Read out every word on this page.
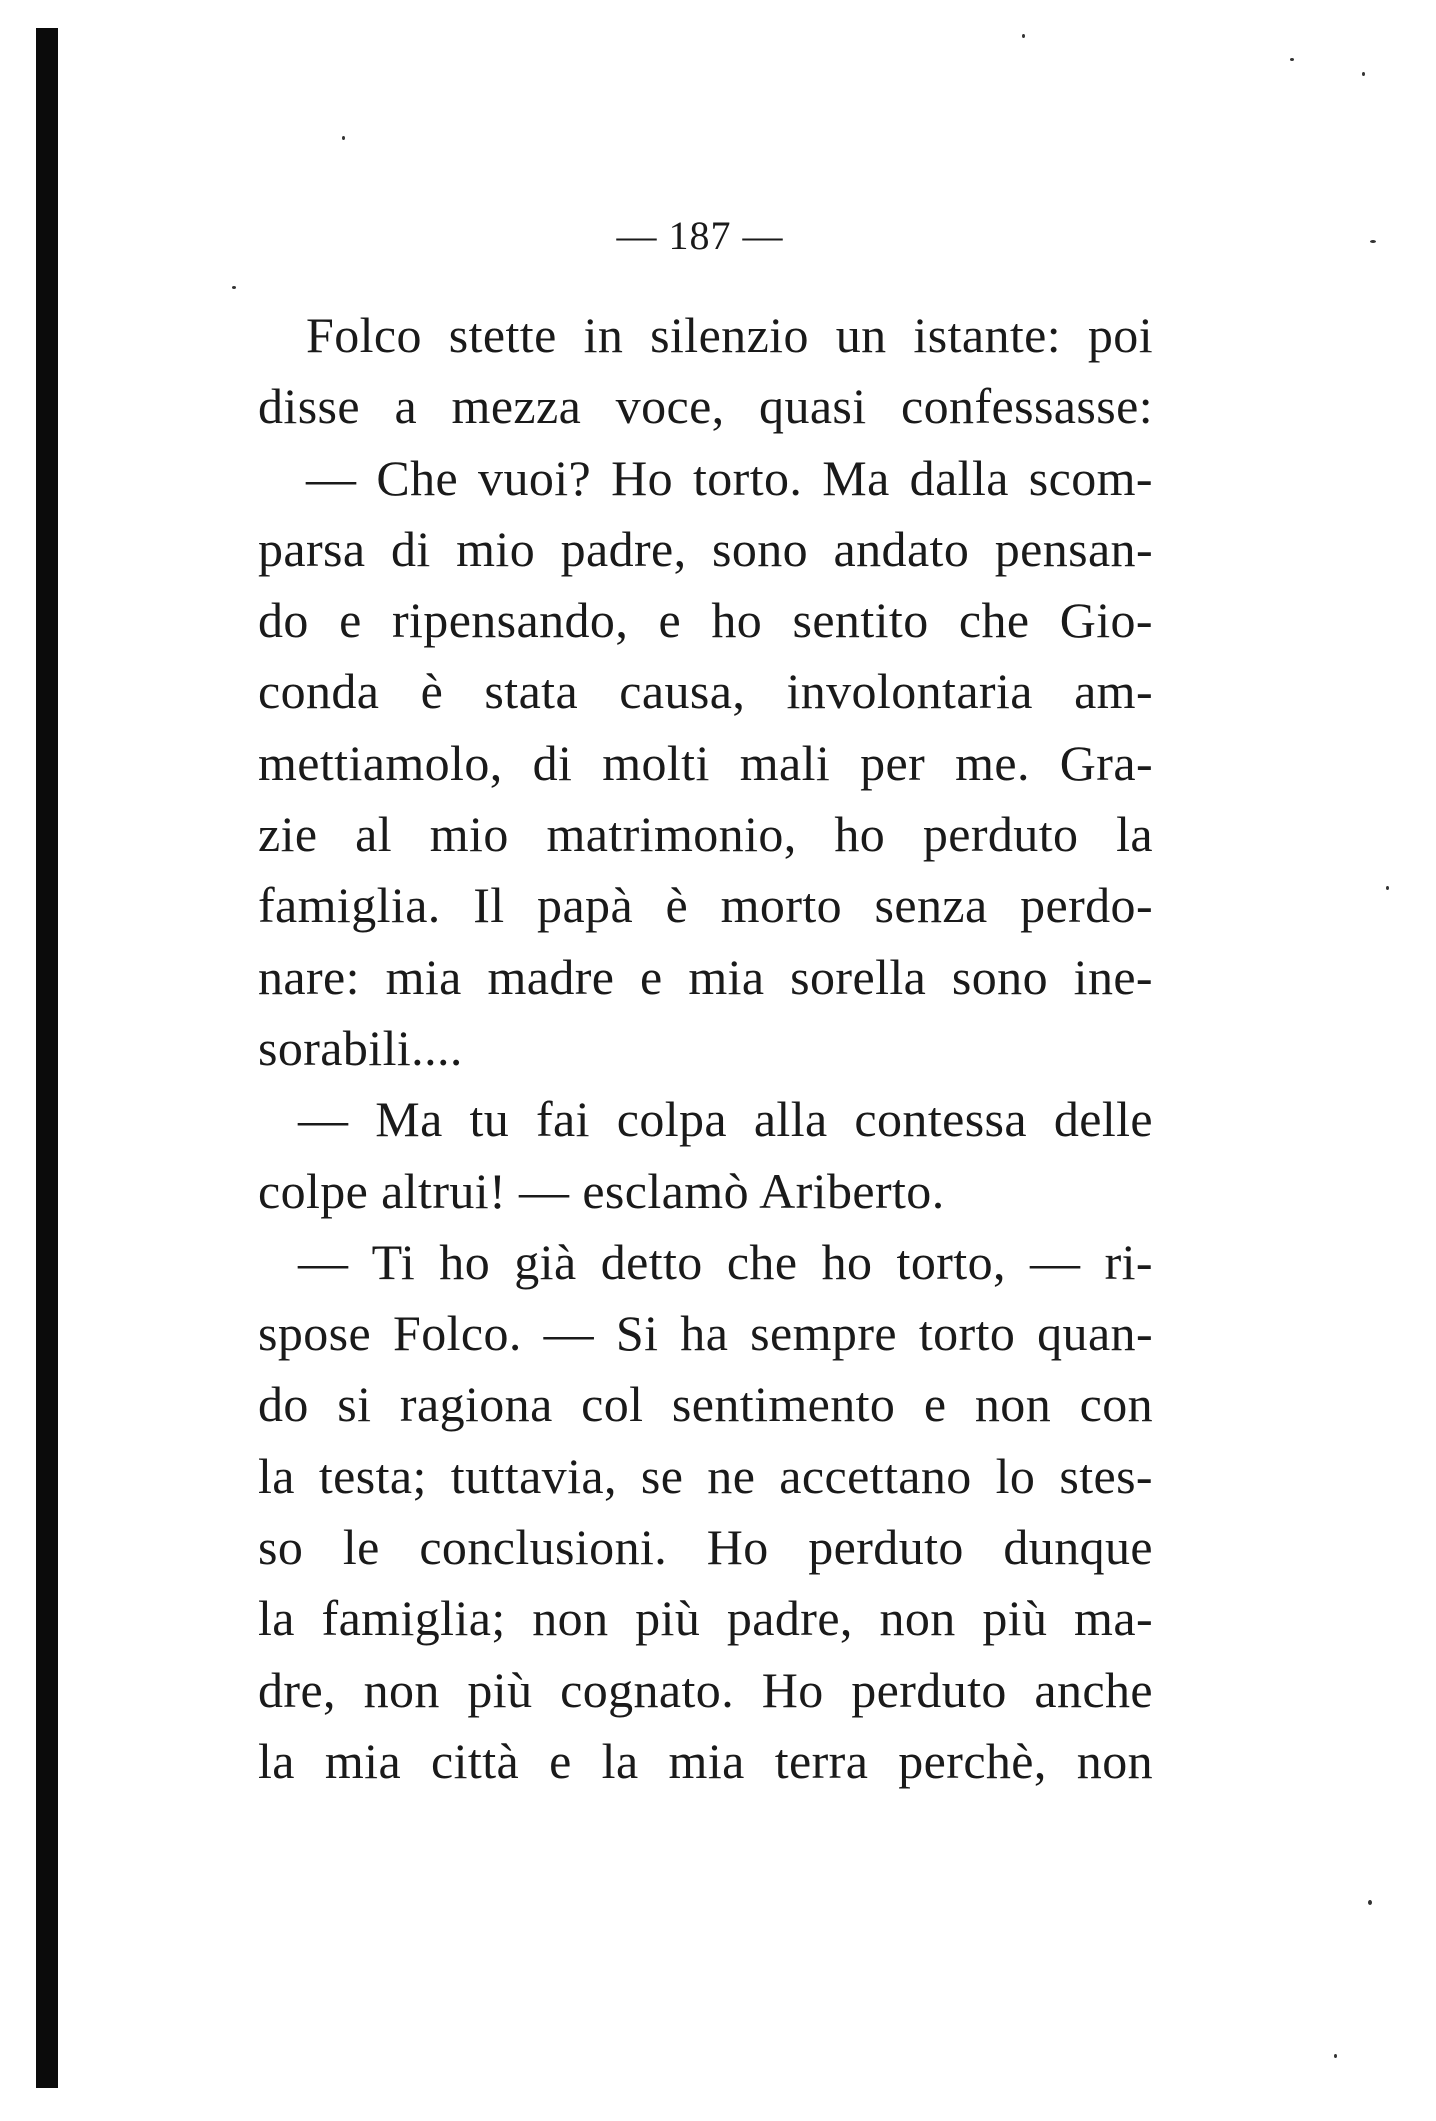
— 187 —
Folco stette in silenzio un istante: poi
disse a mezza voce, quasi confessasse:
— Che vuoi? Ho torto. Ma dalla scom-
parsa di mio padre, sono andato pensan-
do e ripensando, e ho sentito che Gio-
conda è stata causa, involontaria am-
mettiamolo, di molti mali per me. Gra-
zie al mio matrimonio, ho perduto la
famiglia. Il papà è morto senza perdo-
nare: mia madre e mia sorella sono ine-
sorabili....
— Ma tu fai colpa alla contessa delle
colpe altrui! — esclamò Ariberto.
— Ti ho già detto che ho torto, — ri-
spose Folco. — Si ha sempre torto quan-
do si ragiona col sentimento e non con
la testa; tuttavia, se ne accettano lo stes-
so le conclusioni. Ho perduto dunque
la famiglia; non più padre, non più ma-
dre, non più cognato. Ho perduto anche
la mia città e la mia terra perchè, non
